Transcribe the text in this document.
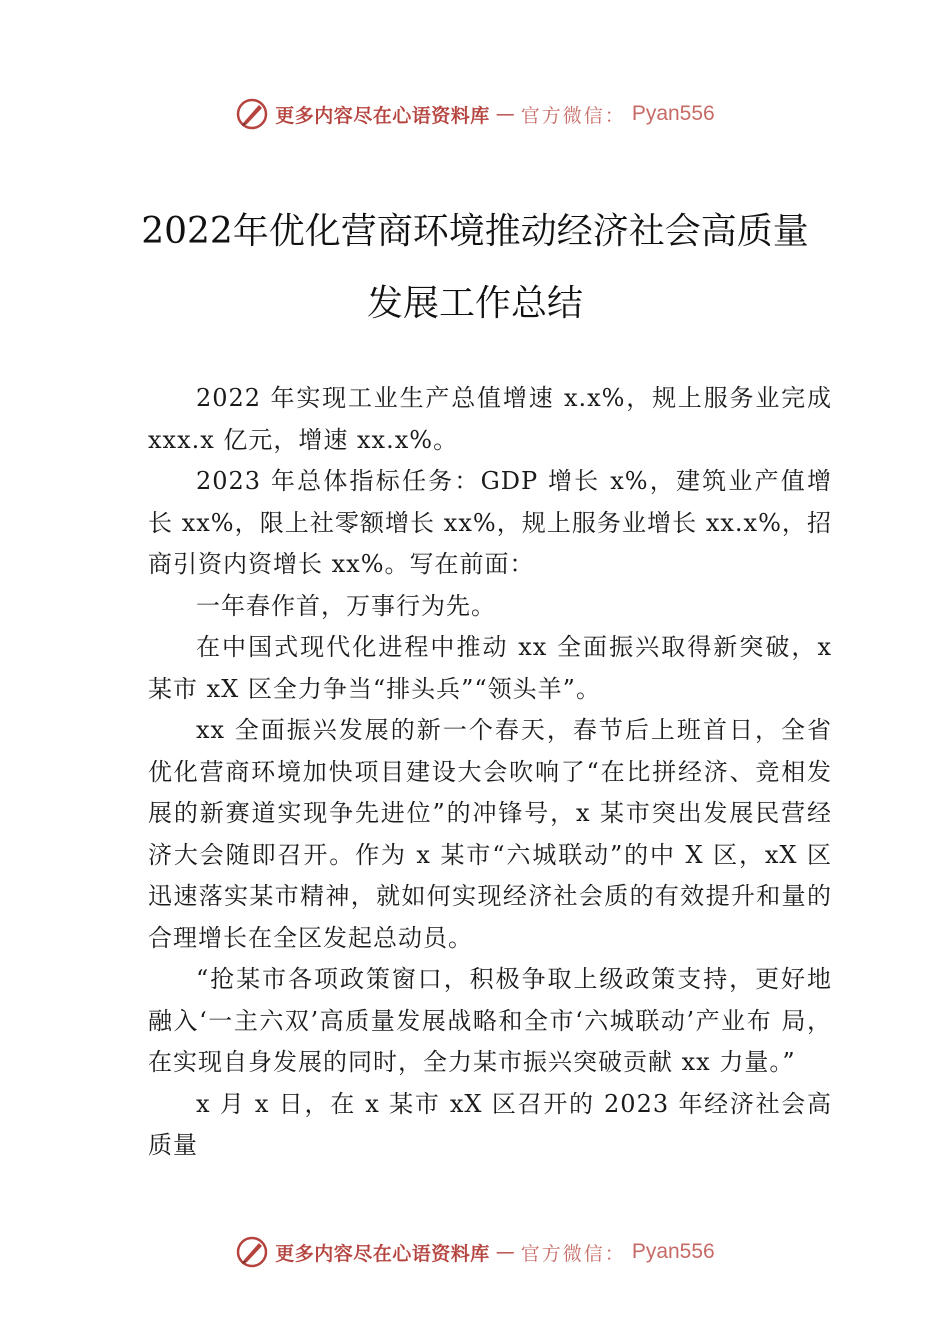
更多内容尽在心语资料库 — 官方微信： Pyan556
2022年优化营商环境推动经济社会高质量
发展工作总结

2022 年实现工业生产总值增速 x.x%，规上服务业完成 xxx.x 亿元，增速 xx.x%。

2023 年总体指标任务：GDP 增长 x%，建筑业产值增长 xx%，限上社零额增长 xx%，规上服务业增长 xx.x%，招商引资内资增长 xx%。写在前面：

一年春作首，万事行为先。

在中国式现代化进程中推动 xx 全面振兴取得新突破，x 某市 xX 区全力争当“排头兵”“领头羊”。

xx 全面振兴发展的新一个春天，春节后上班首日，全省优化营商环境加快项目建设大会吹响了“在比拼经济、竞相发展的新赛道实现争先进位”的冲锋号，x 某市突出发展民营经济大会随即召开。作为 x 某市“六城联动”的中 X 区，xX 区迅速落实某市精神，就如何实现经济社会质的有效提升和量的合理增长在全区发起总动员。

“抢某市各项政策窗口，积极争取上级政策支持，更好地融入‘一主六双’高质量发展战略和全市‘六城联动’产业布 局，在实现自身发展的同时，全力某市振兴突破贡献 xx 力量。”

x 月 x 日，在 x 某市 xX 区召开的 2023 年经济社会高质量

更多内容尽在心语资料库 — 官方微信： Pyan556
